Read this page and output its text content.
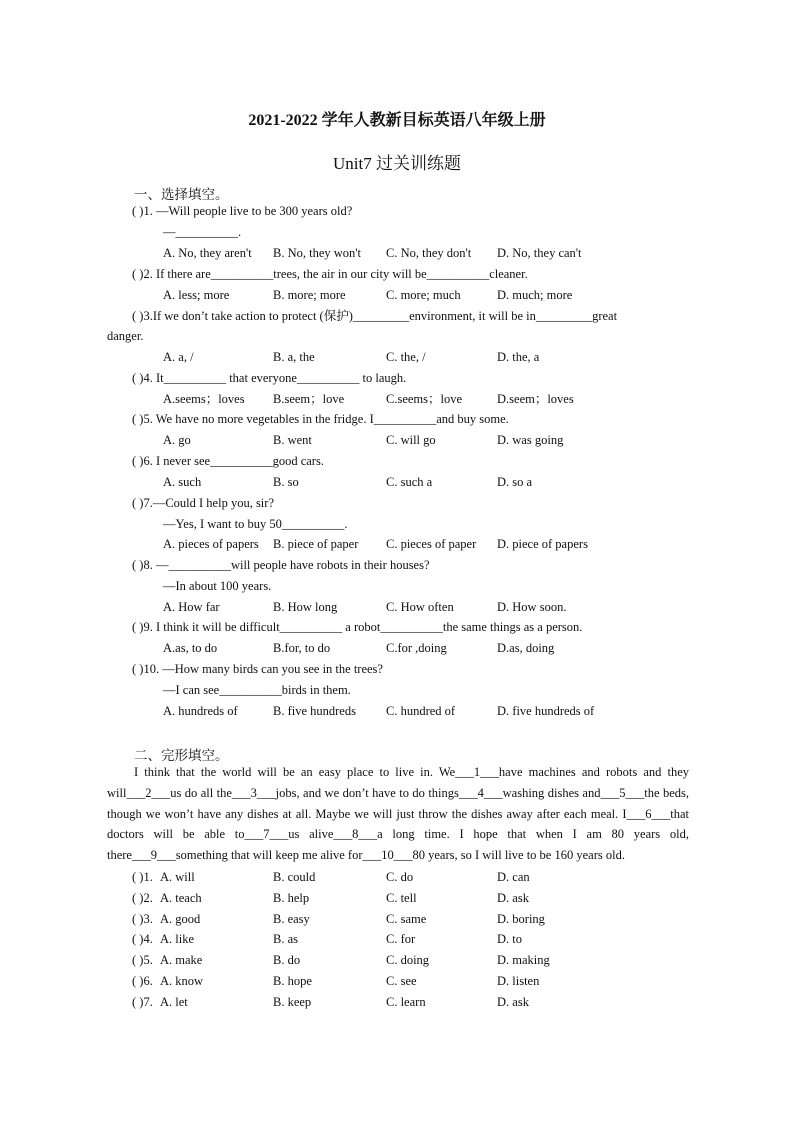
2021-2022 学年人教新目标英语八年级上册
Unit7 过关训练题
一、选择填空。
( )1. —Will people live to be 300 years old?
—__________.
A. No, they aren't B. No, they won't C. No, they don't D. No, they can't
( )2. If there are__________trees, the air in our city will be__________cleaner.
A. less; more	B. more; more	C. more; much	D. much; more
( )3.If we don’t take action to protect (保护)_________environment, it will be in_________great
danger.
A. a, /	B. a, the	C. the, /	D. the, a
( )4. It__________ that everyone__________ to laugh.
A.seems；loves B.seem；love	C.seems；love	D.seem；loves
( )5. We have no more vegetables in the fridge. I__________and buy some.
A. go	B. went	C. will go	D. was going
( )6. I never see__________good cars.
A. such	B. so	C. such a	D. so a
( )7.—Could I help you, sir?
—Yes, I want to buy 50__________.
A. pieces of papers B. piece of paper C. pieces of paper D. piece of papers
( )8. —__________will people have robots in their houses?
—In about 100 years.
A. How far	B. How long	C. How often	D. How soon.
( )9. I think it will be difficult__________ a robot__________the same things as a person.
A.as, to do	B.for, to do	C.for ,doing	D.as, doing
( )10. —How many birds can you see in the trees?
—I can see__________birds in them.
A. hundreds of	B. five hundreds C. hundred of	D. five hundreds of
二、完形填空。
I think that the world will be an easy place to live in. We___1___have machines and robots and they will___2___us do all the___3___jobs, and we don’t have to do things___4___washing dishes and___5___the beds, though we won’t have any dishes at all. Maybe we will just throw the dishes away after each meal. I___6___that doctors will be able to___7___us alive___8___a long time. I hope that when I am 80 years old, there___9___something that will keep me alive for___10___80 years, so I will live to be 160 years old.
( )1. A. will	B. could	C. do	D. can
( )2. A. teach	B. help	C. tell	D. ask
( )3. A. good	B. easy	C. same	D. boring
( )4. A. like	B. as	C. for	D. to
( )5. A. make	B. do	C. doing	D. making
( )6. A. know	B. hope	C. see	D. listen
( )7. A. let	B. keep	C. learn	D. ask
